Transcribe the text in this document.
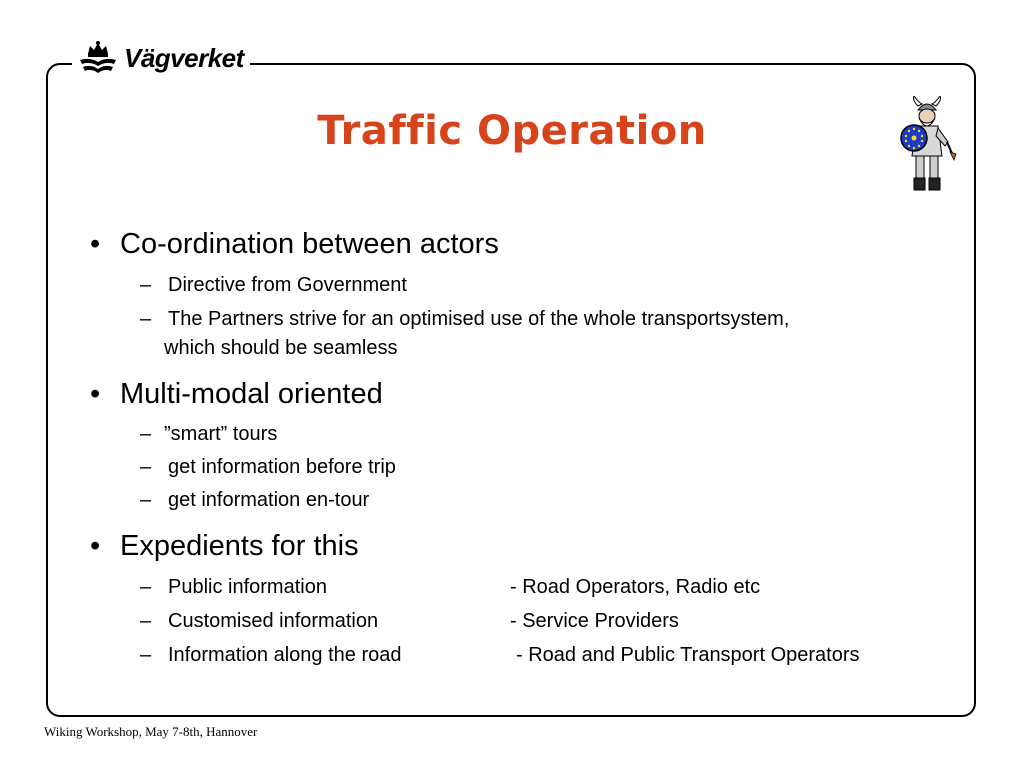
Vägverket
Traffic Operation
• Co-ordination between actors
– Directive from Government
– The Partners strive for an optimised use of the whole transportsystem,
which should be seamless
• Multi-modal oriented
– ”smart” tours
– get information before trip
– get information en-tour
• Expedients for this
– Public information	- Road Operators, Radio etc
– Customised information	- Service Providers
– Information along the road	- Road and Public Transport Operators
Wiking Workshop, May 7-8th, Hannover
